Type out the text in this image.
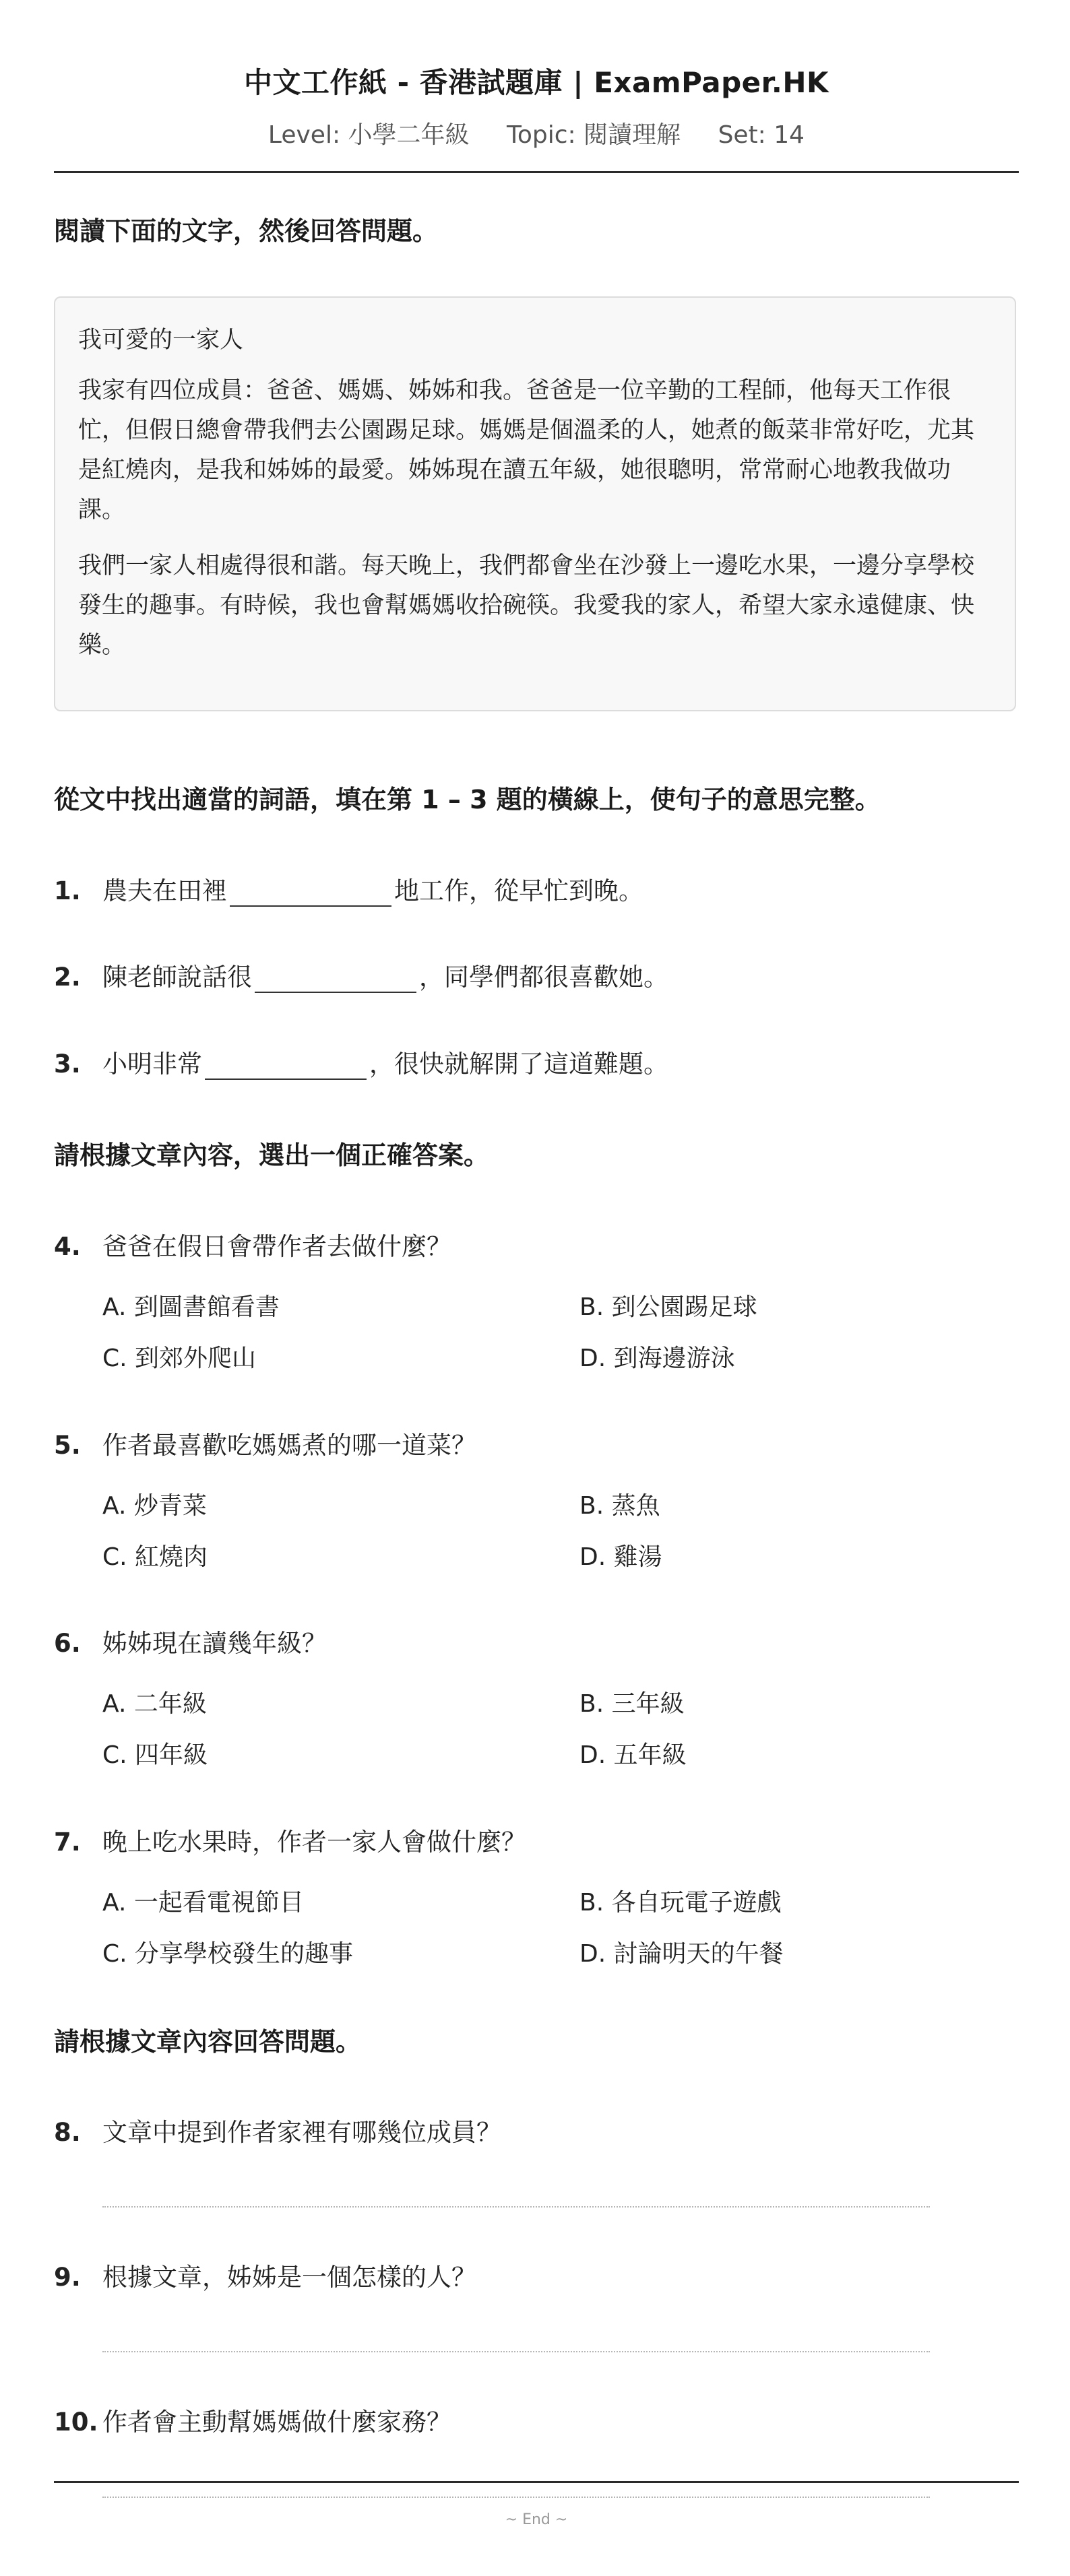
中文工作紙 - 香港試題庫 | ExamPaper.HK
Level: 小學二年級 Topic: 閱讀理解 Set: 14
閱讀下面的文字，然後回答問題。

我可愛的一家人

我家有四位成員：爸爸、媽媽、姊姊和我。爸爸是一位辛勤的工程師，他每天工作很忙，但假日總會帶我們去公園踢足球。媽媽是個溫柔的人，她煮的飯菜非常好吃，尤其是紅燒肉，是我和姊姊的最愛。姊姊現在讀五年級，她很聰明，常常耐心地教我做功課。

我們一家人相處得很和諧。每天晚上，我們都會坐在沙發上一邊吃水果，一邊分享學校發生的趣事。有時候，我也會幫媽媽收拾碗筷。我愛我的家人，希望大家永遠健康、快樂。

從文中找出適當的詞語，填在第 1 – 3 題的橫線上，使句子的意思完整。
1. 農夫在田裡	地工作，從早忙到晚。
2. 陳老師說話很	，同學們都很喜歡她。
3. 小明非常	，很快就解開了這道難題。
請根據文章內容，選出一個正確答案。
4. 爸爸在假日會帶作者去做什麼？
A. 到圖書館看書	B. 到公園踢足球
C. 到郊外爬山	D. 到海邊游泳
5. 作者最喜歡吃媽媽煮的哪一道菜？
A. 炒青菜	B. 蒸魚
C. 紅燒肉	D. 雞湯
6. 姊姊現在讀幾年級？
A. 二年級	B. 三年級
C. 四年級	D. 五年級
7. 晚上吃水果時，作者一家人會做什麼？
A. 一起看電視節目	B. 各自玩電子遊戲
C. 分享學校發生的趣事	D. 討論明天的午餐
請根據文章內容回答問題。
8. 文章中提到作者家裡有哪幾位成員？
9. 根據文章，姊姊是一個怎樣的人？
10. 作者會主動幫媽媽做什麼家務？
~ End ~
